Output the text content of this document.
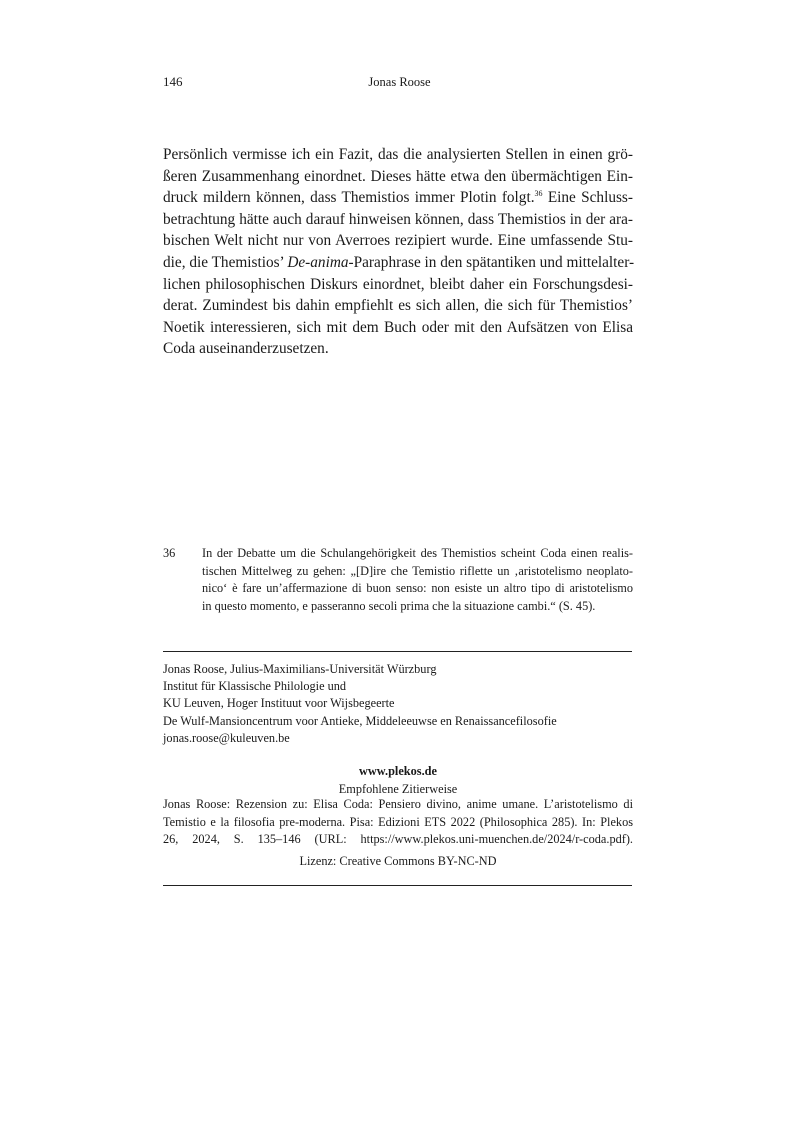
146	Jonas Roose
Persönlich vermisse ich ein Fazit, das die analysierten Stellen in einen grö-
ßeren Zusammenhang einordnet. Dieses hätte etwa den übermächtigen Ein-
druck mildern können, dass Themistios immer Plotin folgt.$^{36}$ Eine Schluss-
betrachtung hätte auch darauf hinweisen können, dass Themistios in der ara-
bischen Welt nicht nur von Averroes rezipiert wurde. Eine umfassende Stu-
die, die Themistios’ De-anima-Paraphrase in den spätantiken und mittelalter-
lichen philosophischen Diskurs einordnet, bleibt daher ein Forschungsdesi-
derat. Zumindest bis dahin empfiehlt es sich allen, die sich für Themistios’
Noetik interessieren, sich mit dem Buch oder mit den Aufsätzen von Elisa
Coda auseinanderzusetzen.
36 In der Debatte um die Schulangehörigkeit des Themistios scheint Coda einen realis-
tischen Mittelweg zu gehen: „[D]ire che Temistio riflette un ‚aristotelismo neoplato-
nico‘ è fare un’affermazione di buon senso: non esiste un altro tipo di aristotelismo
in questo momento, e passeranno secoli prima che la situazione cambi.“ (S. 45).
Jonas Roose, Julius-Maximilians-Universität Würzburg
Institut für Klassische Philologie und
KU Leuven, Hoger Instituut voor Wijsbegeerte
De Wulf-Mansioncentrum voor Antieke, Middeleeuwse en Renaissancefilosofie
jonas.roose@kuleuven.be
www.plekos.de
Empfohlene Zitierweise
Jonas Roose: Rezension zu: Elisa Coda: Pensiero divino, anime umane. L’aristotelismo di
Temistio e la filosofia pre-moderna. Pisa: Edizioni ETS 2022 (Philosophica 285). In: Plekos
26, 2024, S. 135–146 (URL: https://www.plekos.uni-muenchen.de/2024/r-coda.pdf).
Lizenz: Creative Commons BY-NC-ND
